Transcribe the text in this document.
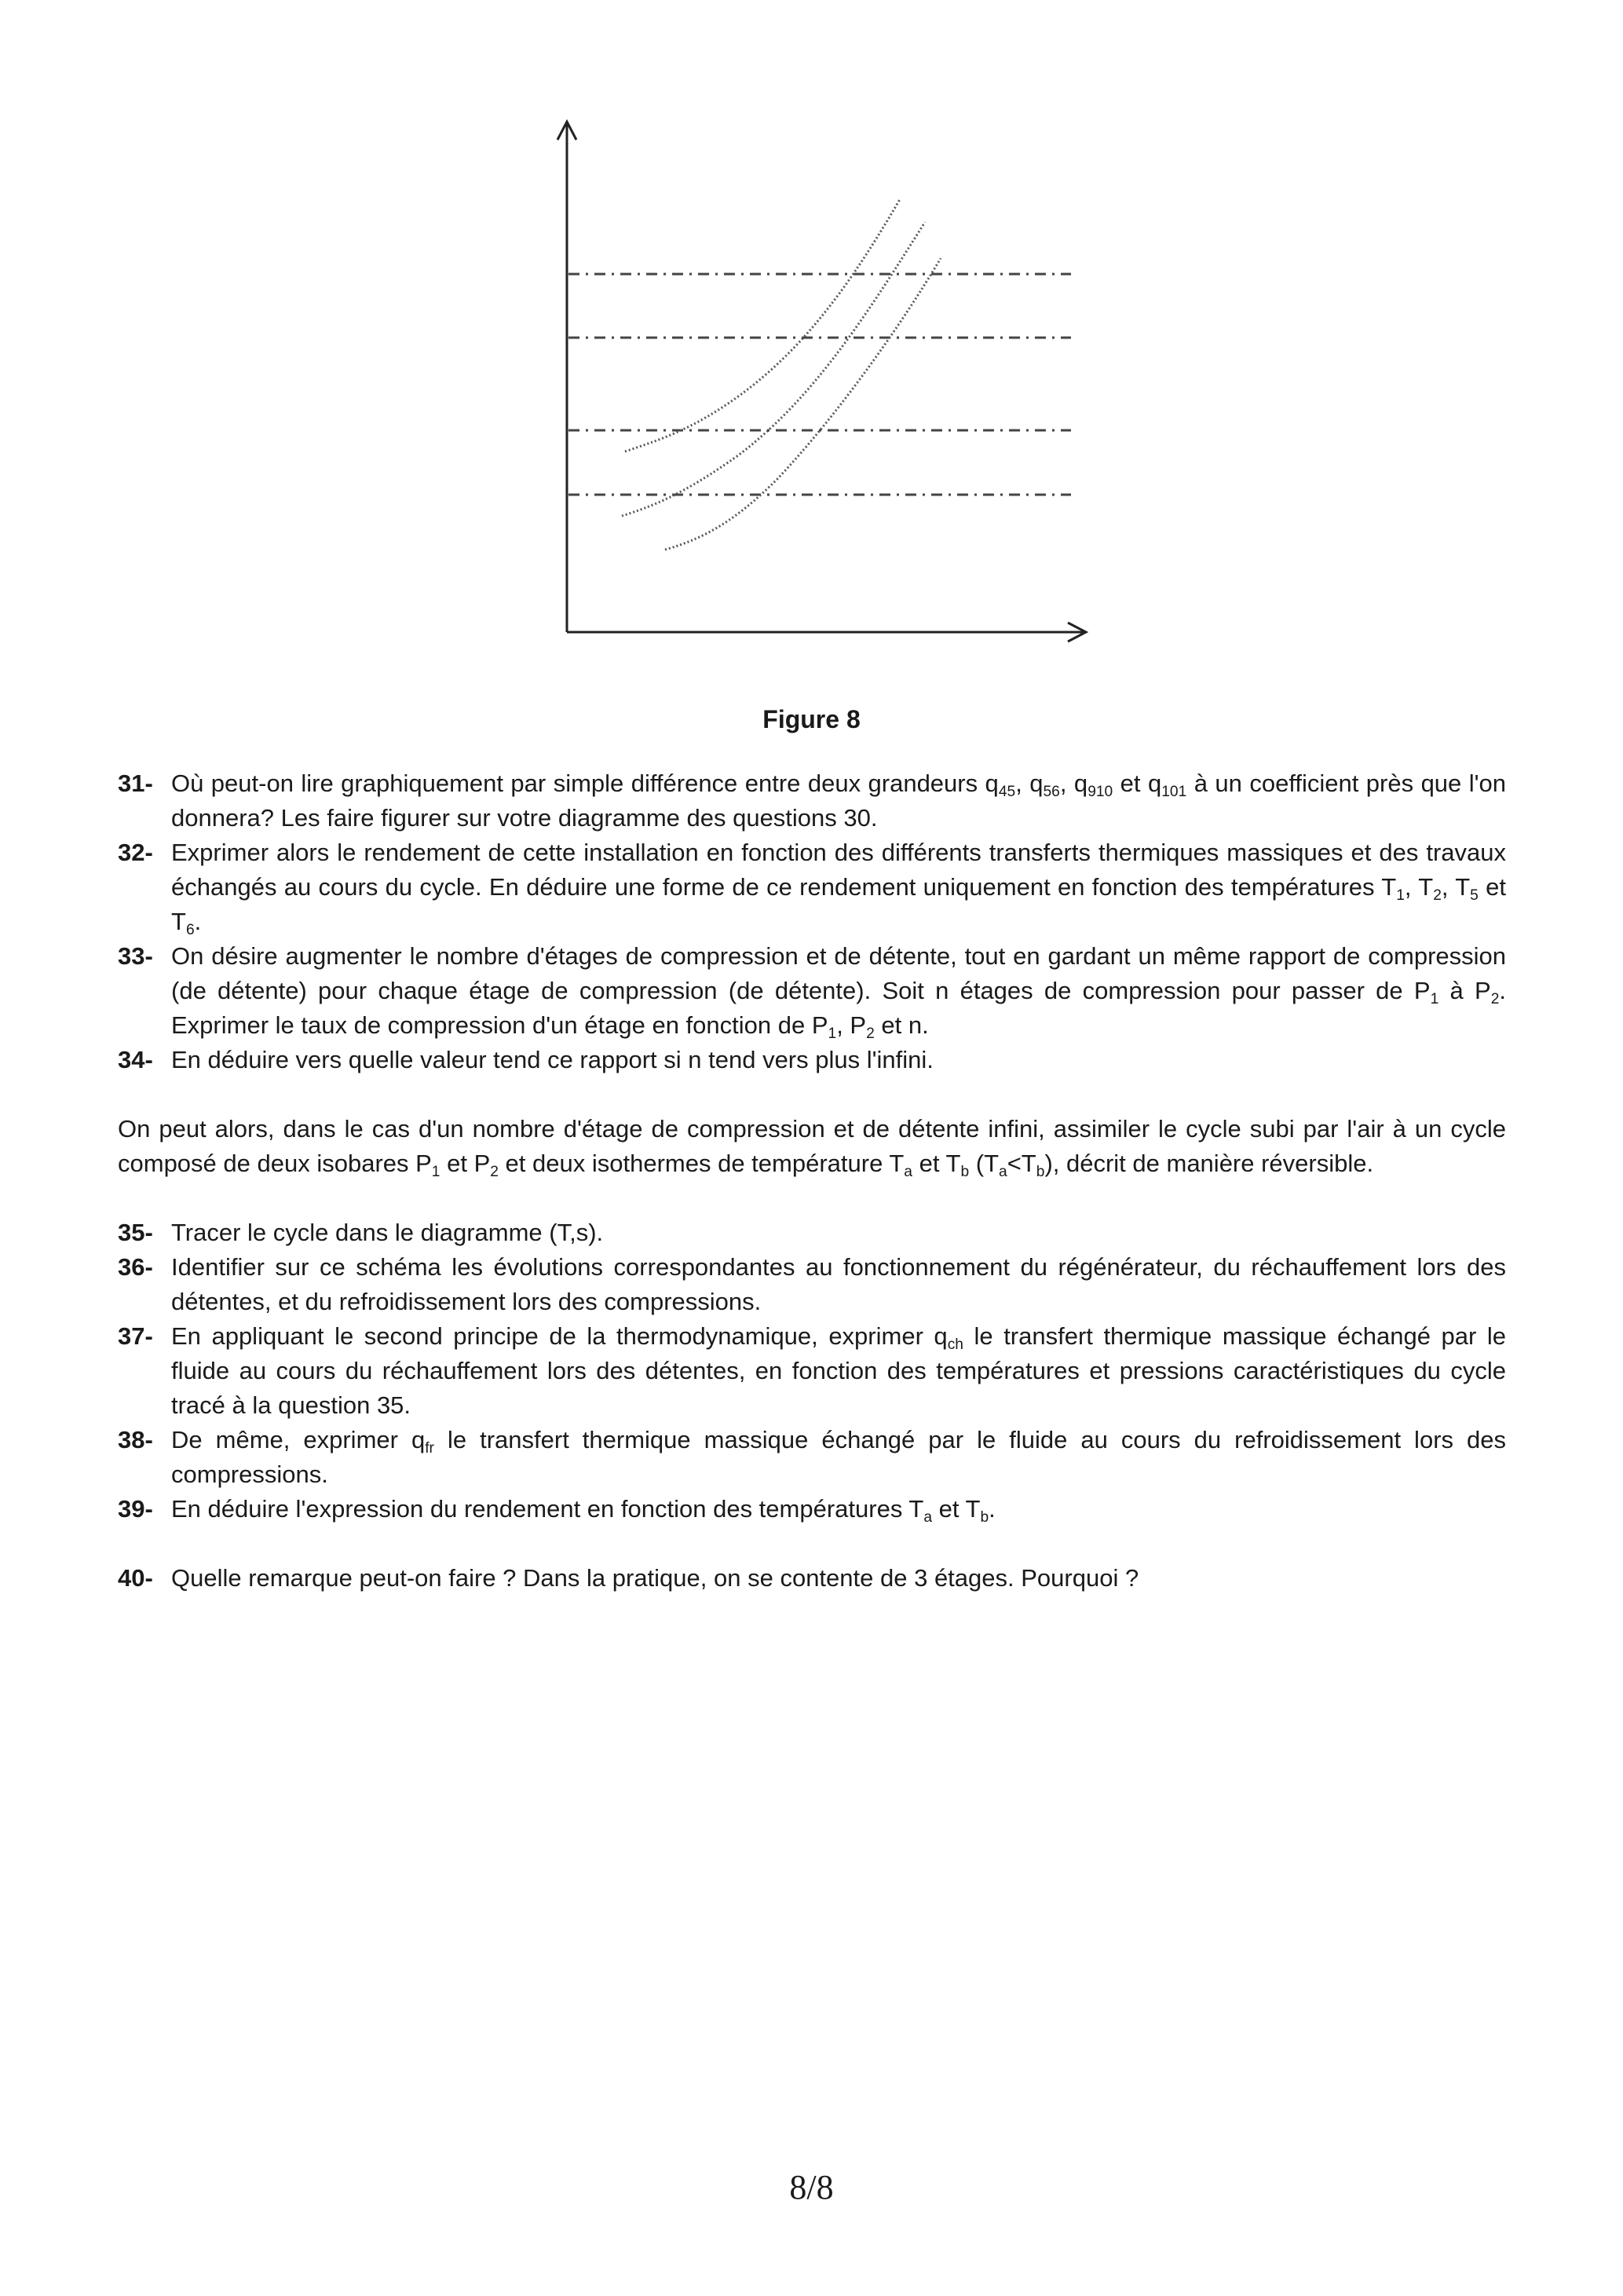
Figure 8
31- Où peut-on lire graphiquement par simple différence entre deux grandeurs $q_{45}$, $q_{56}$, $q_{910}$ et $q_{101}$ à un coefficient près que l'on donnera? Les faire figurer sur votre diagramme des questions 30.
32- Exprimer alors le rendement de cette installation en fonction des différents transferts thermiques massiques et des travaux échangés au cours du cycle. En déduire une forme de ce rendement uniquement en fonction des températures $T_1$, $T_2$, $T_5$ et $T_6$.
33- On désire augmenter le nombre d'étages de compression et de détente, tout en gardant un même rapport de compression (de détente) pour chaque étage de compression (de détente). Soit n étages de compression pour passer de $P_1$ à $P_2$. Exprimer le taux de compression d'un étage en fonction de $P_1$, $P_2$ et n.
34- En déduire vers quelle valeur tend ce rapport si n tend vers plus l'infini.
On peut alors, dans le cas d'un nombre d'étage de compression et de détente infini, assimiler le cycle subi par l'air à un cycle composé de deux isobares $P_1$ et $P_2$ et deux isothermes de température $T_a$ et $T_b$ $(T_a<T_b)$, décrit de manière réversible.
35- Tracer le cycle dans le diagramme (T,s).
36- Identifier sur ce schéma les évolutions correspondantes au fonctionnement du régénérateur, du réchauffement lors des détentes, et du refroidissement lors des compressions.
37- En appliquant le second principe de la thermodynamique, exprimer $q_{ch}$ le transfert thermique massique échangé par le fluide au cours du réchauffement lors des détentes, en fonction des températures et pressions caractéristiques du cycle tracé à la question 35.
38- De même, exprimer $q_{fr}$ le transfert thermique massique échangé par le fluide au cours du refroidissement lors des compressions.
39- En déduire l'expression du rendement en fonction des températures $T_a$ et $T_b$.
40- Quelle remarque peut-on faire ? Dans la pratique, on se contente de 3 étages. Pourquoi ?
8/8
